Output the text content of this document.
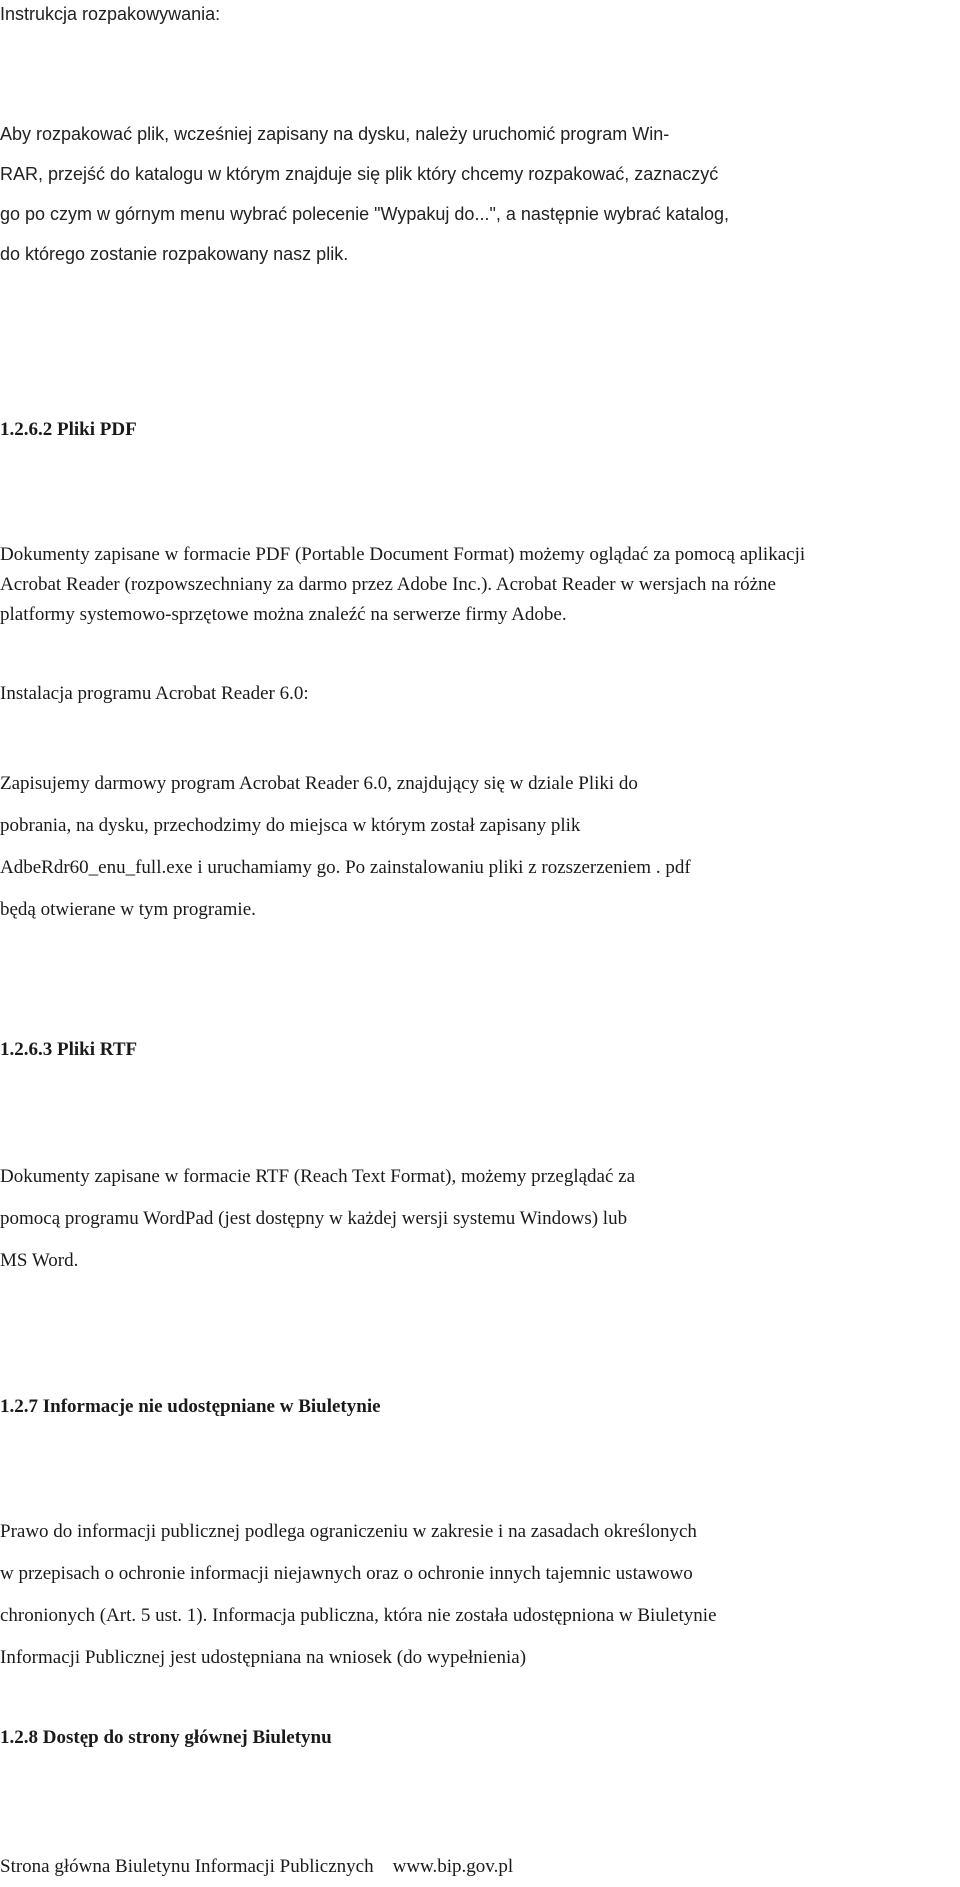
Instrukcja rozpakowywania:

Aby rozpakować plik, wcześniej zapisany na dysku, należy uruchomić program Win-

RAR, przejść do katalogu w którym znajduje się plik który chcemy rozpakować, zaznaczyć

go po czym w górnym menu wybrać polecenie "Wypakuj do...", a następnie wybrać katalog,

do którego zostanie rozpakowany nasz plik.

1.2.6.2 Pliki PDF

Dokumenty zapisane w formacie PDF (Portable Document Format) możemy oglądać za pomocą aplikacji

Acrobat Reader (rozpowszechniany za darmo przez Adobe Inc.). Acrobat Reader w wersjach na różne

platformy systemowo-sprzętowe można znaleźć na serwerze firmy Adobe.

Instalacja programu Acrobat Reader 6.0:

Zapisujemy darmowy program Acrobat Reader 6.0, znajdujący się w dziale Pliki do

pobrania, na dysku, przechodzimy do miejsca w którym został zapisany plik

AdbeRdr60_enu_full.exe i uruchamiamy go. Po zainstalowaniu pliki z rozszerzeniem . pdf

będą otwierane w tym programie.

1.2.6.3 Pliki RTF

Dokumenty zapisane w formacie RTF (Reach Text Format), możemy przeglądać za

pomocą programu WordPad (jest dostępny w każdej wersji systemu Windows) lub

MS Word.

1.2.7 Informacje nie udostępniane w Biuletynie

Prawo do informacji publicznej podlega ograniczeniu w zakresie i na zasadach określonych

w przepisach o ochronie informacji niejawnych oraz o ochronie innych tajemnic ustawowo

chronionych (Art. 5 ust. 1). Informacja publiczna, która nie została udostępniona w Biuletynie

Informacji Publicznej jest udostępniana na wniosek (do wypełnienia)

1.2.8 Dostęp do strony głównej Biuletynu

Strona główna Biuletynu Informacji Publicznych www.bip.gov.pl
